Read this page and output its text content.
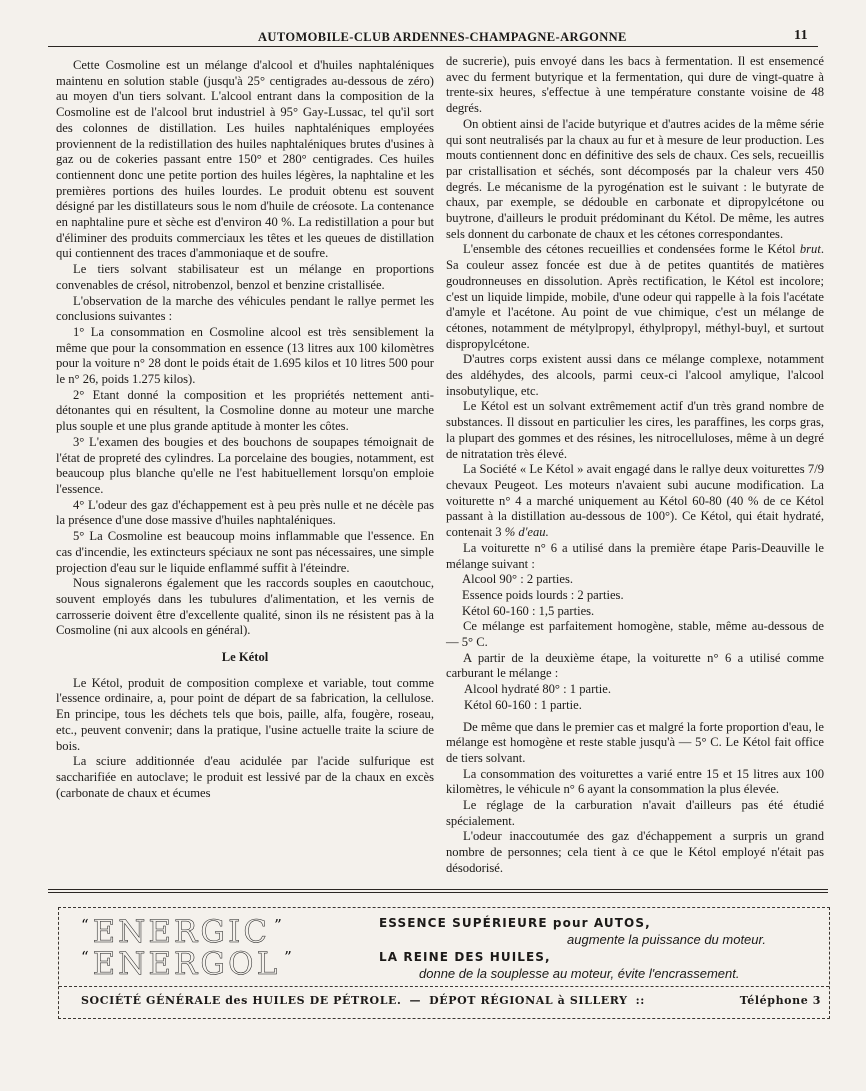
AUTOMOBILE-CLUB ARDENNES-CHAMPAGNE-ARGONNE	11

Cette Cosmoline est un mélange d'alcool et d'huiles naphtaléniques maintenu en solution stable (jusqu'à 25° centigrades au-dessous de zéro) au moyen d'un tiers solvant. L'alcool entrant dans la composition de la Cosmoline est de l'alcool brut industriel à 95° Gay-Lussac, tel qu'il sort des colonnes de distillation. Les huiles naphtaléniques employées proviennent de la redistillation des huiles naphtaléniques brutes d'usines à gaz ou de cokeries passant entre 150° et 280° centigrades. Ces huiles contiennent donc une petite portion des huiles légères, la naphtaline et les premières portions des huiles lourdes. Le produit obtenu est souvent désigné par les distillateurs sous le nom d'huile de créosote. La contenance en naphtaline pure et sèche est d'environ 40 %. La redistillation a pour but d'éliminer des produits commerciaux les têtes et les queues de distillation qui contiennent des traces d'ammoniaque et de soufre.

Le tiers solvant stabilisateur est un mélange en proportions convenables de crésol, nitrobenzol, benzol et benzine cristallisée.

L'observation de la marche des véhicules pendant le rallye permet les conclusions suivantes :

1° La consommation en Cosmoline alcool est très sensiblement la même que pour la consommation en essence (13 litres aux 100 kilomètres pour la voiture n° 28 dont le poids était de 1.695 kilos et 10 litres 500 pour le n° 26, poids 1.275 kilos).

2° Etant donné la composition et les propriétés nettement anti-détonantes qui en résultent, la Cosmoline donne au moteur une marche plus souple et une plus grande aptitude à monter les côtes.

3° L'examen des bougies et des bouchons de soupapes témoignait de l'état de propreté des cylindres. La porcelaine des bougies, notamment, est beaucoup plus blanche qu'elle ne l'est habituellement lorsqu'on emploie l'essence.

4° L'odeur des gaz d'échappement est à peu près nulle et ne décèle pas la présence d'une dose massive d'huiles naphtaléniques.

5° La Cosmoline est beaucoup moins inflammable que l'essence. En cas d'incendie, les extincteurs spéciaux ne sont pas nécessaires, une simple projection d'eau sur le liquide enflammé suffit à l'éteindre.

Nous signalerons également que les raccords souples en caoutchouc, souvent employés dans les tubulures d'alimentation, et les vernis de carrosserie doivent être d'excellente qualité, sinon ils ne résistent pas à la Cosmoline (ni aux alcools en général).

Le Kétol

Le Kétol, produit de composition complexe et variable, tout comme l'essence ordinaire, a, pour point de départ de sa fabrication, la cellulose. En principe, tous les déchets tels que bois, paille, alfa, fougère, roseau, etc., peuvent convenir; dans la pratique, l'usine actuelle traite la sciure de bois.

La sciure additionnée d'eau acidulée par l'acide sulfurique est saccharifiée en autoclave; le produit est lessivé par de la chaux en excès (carbonate de chaux et écumes

de sucrerie), puis envoyé dans les bacs à fermentation. Il est ensemencé avec du ferment butyrique et la fermentation, qui dure de vingt-quatre à trente-six heures, s'effectue à une température constante voisine de 48 degrés.

On obtient ainsi de l'acide butyrique et d'autres acides de la même série qui sont neutralisés par la chaux au fur et à mesure de leur production. Les mouts contiennent donc en définitive des sels de chaux. Ces sels, recueillis par cristallisation et séchés, sont décomposés par la chaleur vers 450 degrés. Le mécanisme de la pyrogénation est le suivant : le butyrate de chaux, par exemple, se dédouble en carbonate et dipropylcétone ou buytrone, d'ailleurs le produit prédominant du Kétol. De même, les autres sels donnent du carbonate de chaux et les cétones correspondantes.

L'ensemble des cétones recueillies et condensées forme le Kétol brut. Sa couleur assez foncée est due à de petites quantités de matières goudronneuses en dissolution. Après rectification, le Kétol est incolore; c'est un liquide limpide, mobile, d'une odeur qui rappelle à la fois l'acétate d'amyle et l'acétone. Au point de vue chimique, c'est un mélange de cétones, notamment de métylpropyl, éthylpropyl, méthyl-buyl, et surtout dispropylcétone.

D'autres corps existent aussi dans ce mélange complexe, notamment des aldéhydes, des alcools, parmi ceux-ci l'alcool amylique, l'alcool insobutylique, etc.

Le Kétol est un solvant extrêmement actif d'un très grand nombre de substances. Il dissout en particulier les cires, les paraffines, les corps gras, la plupart des gommes et des résines, les nitrocelluloses, même à un degré de nitratation très élevé.

La Société « Le Kétol » avait engagé dans le rallye deux voiturettes 7/9 chevaux Peugeot. Les moteurs n'avaient subi aucune modification. La voiturette n° 4 a marché uniquement au Kétol 60-80 (40 % de ce Kétol passant à la distillation au-dessous de 100°). Ce Kétol, qui était hydraté, contenait 3 % d'eau.

La voiturette n° 6 a utilisé dans la première étape Paris-Deauville le mélange suivant :

Alcool 90° : 2 parties.

Essence poids lourds : 2 parties.

Kétol 60-160 : 1,5 parties.

Ce mélange est parfaitement homogène, stable, même au-dessous de — 5° C.

A partir de la deuxième étape, la voiturette n° 6 a utilisé comme carburant le mélange :

Alcool hydraté 80° : 1 partie.

Kétol 60-160 : 1 partie.

De même que dans le premier cas et malgré la forte proportion d'eau, le mélange est homogène et reste stable jusqu'à — 5° C. Le Kétol fait office de tiers solvant.

La consommation des voiturettes a varié entre 15 et 15 litres aux 100 kilomètres, le véhicule n° 6 ayant la consommation la plus élevée.

Le réglage de la carburation n'avait d'ailleurs pas été étudié spécialement.

L'odeur inaccoutumée des gaz d'échappement a surpris un grand nombre de personnes; cela tient à ce que le Kétol employé n'était pas désodorisé.

“ ENERGIC ”	ESSENCE SUPÉRIEURE pour AUTOS,
augmente la puissance du moteur.
“ ENERGOL ”	LA REINE DES HUILES,
donne de la souplesse au moteur, évite l'encrassement.
SOCIÉTÉ GÉNÉRALE des HUILES DE PÉTROLE. — DÉPOT RÉGIONAL à SILLERY ::	Téléphone 3
